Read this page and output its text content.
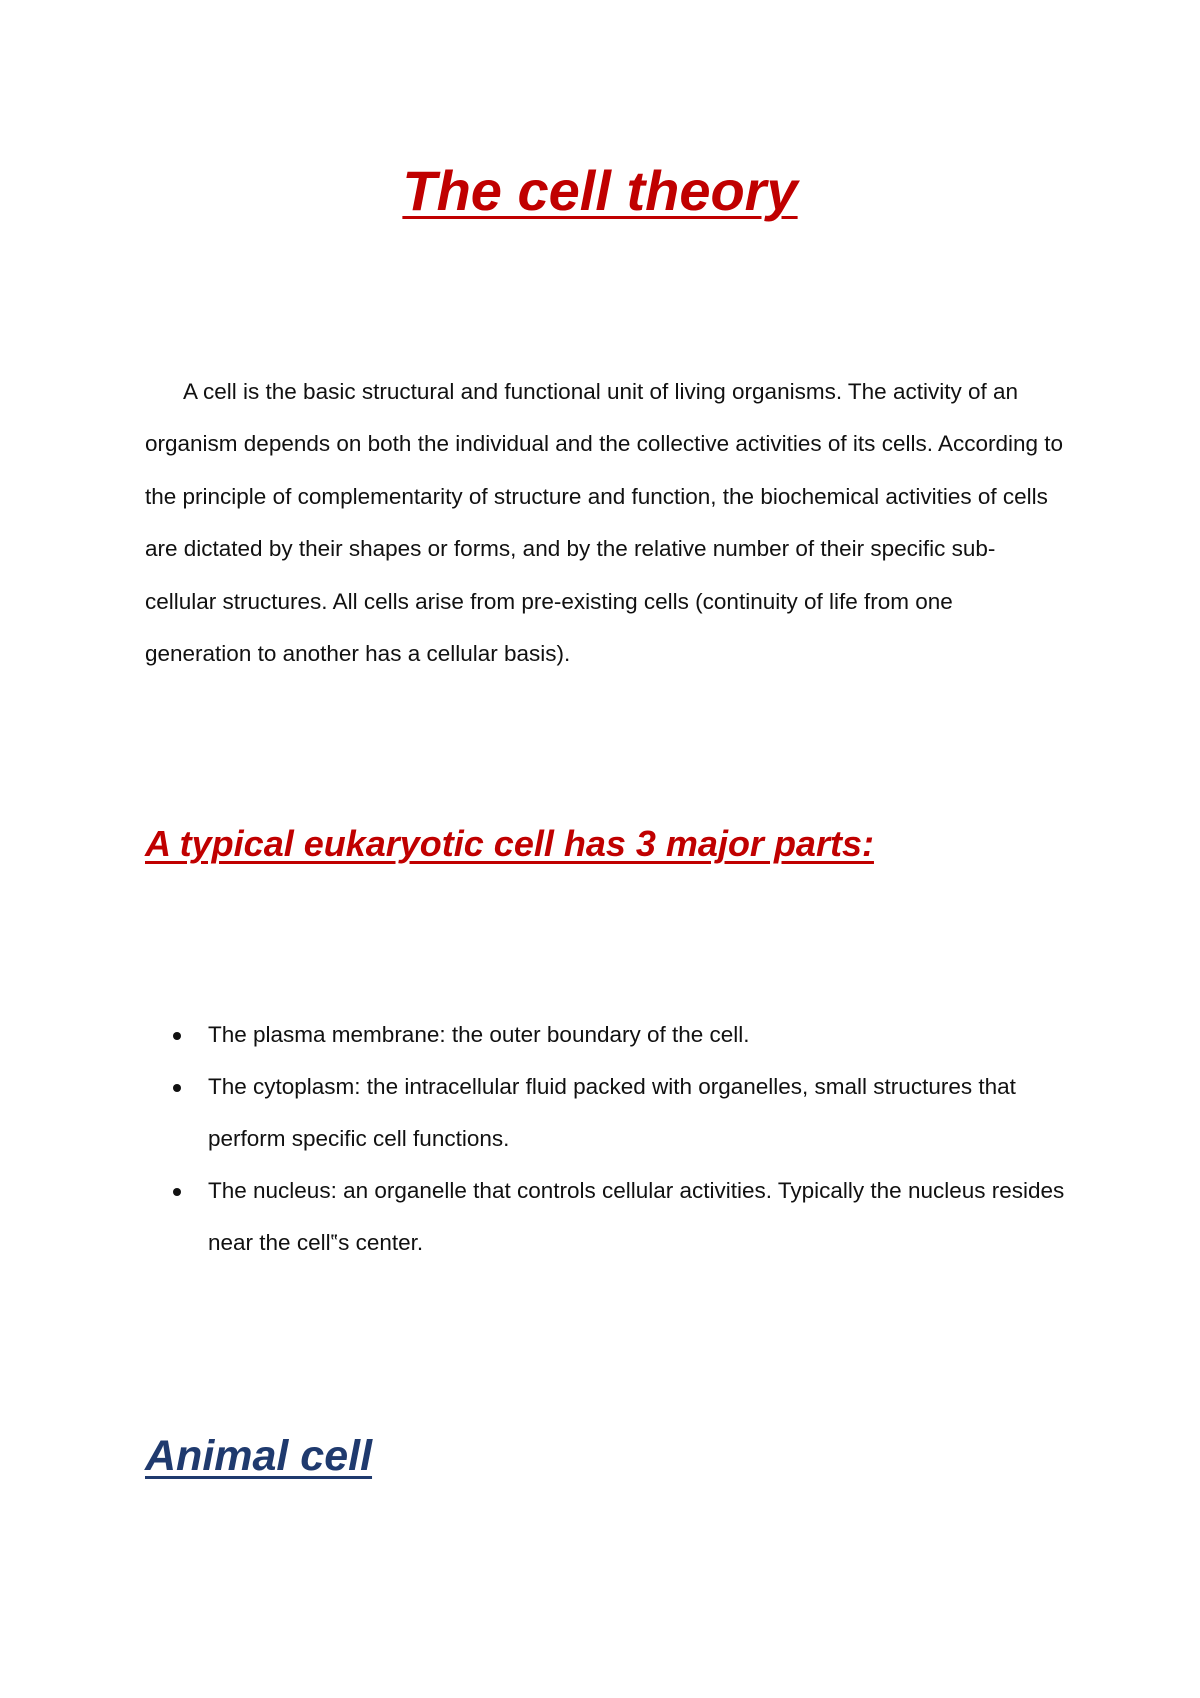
The cell theory

A cell is the basic structural and functional unit of living organisms. The activity of an organism depends on both the individual and the collective activities of its cells. According to the principle of complementarity of structure and function, the biochemical activities of cells are dictated by their shapes or forms, and by the relative number of their specific sub-cellular structures. All cells arise from pre-existing cells (continuity of life from one generation to another has a cellular basis).

A typical eukaryotic cell has 3 major parts:
The plasma membrane: the outer boundary of the cell.
The cytoplasm: the intracellular fluid packed with organelles, small structures that perform specific cell functions.
The nucleus: an organelle that controls cellular activities. Typically the nucleus resides near the cell‟s center.
Animal cell
